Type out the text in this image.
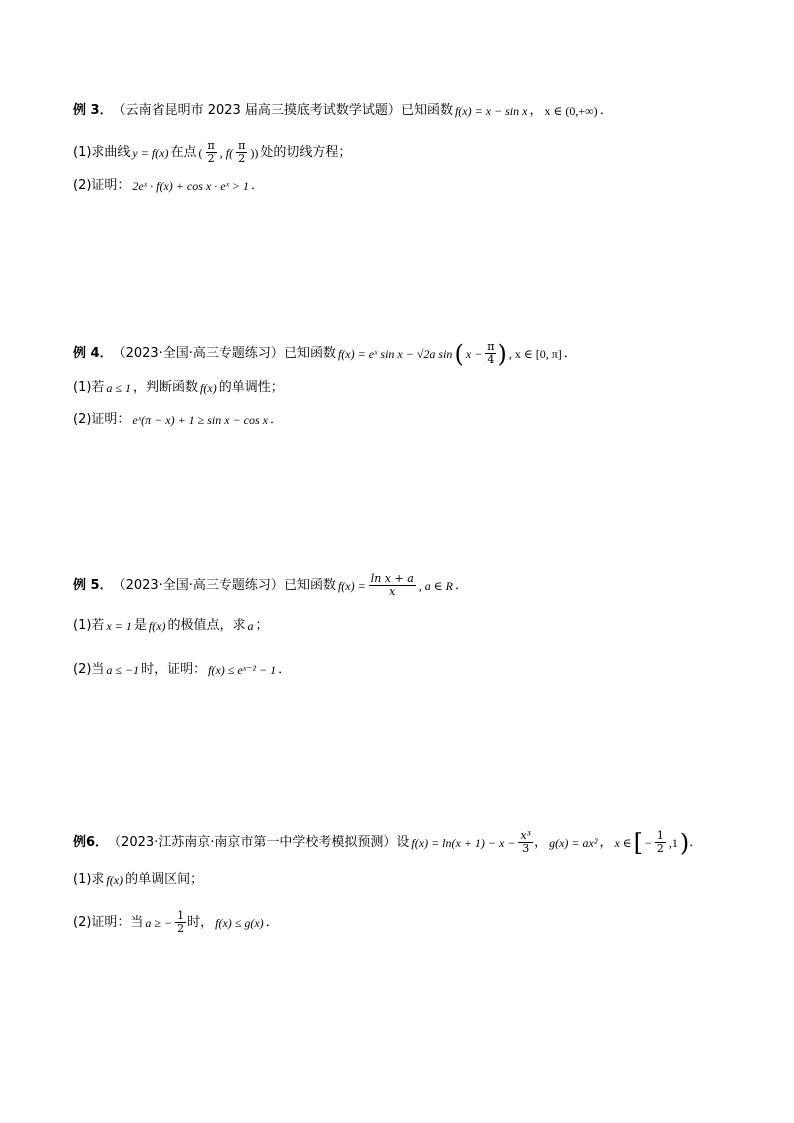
例 3． （云南省昆明市 2023 届高三摸底考试数学试题） 已知函数 f(x) = x − sin x ， x ∈ (0,+∞) ．
(1)求曲线 y = f(x) 在点 ( $\frac{\pi}{2}$ , $f( \frac{\pi}{2}$ )) 处的切线方程；
(2)证明： 2eˣ · f(x) + cos x · eˣ > 1 ．
例 4． （2023·全国·高三专题练习） 已知函数 f(x) = eˣ sin x − √2a sin ( $x - \frac{\pi}{4}$ ) , x ∈ [0, π] ．
(1)若 a ≤ 1 ，判断函数 f(x) 的单调性；
(2)证明： eˣ(π − x) + 1 ≥ sin x − cos x ．
例 5． （2023·全国·高三专题练习） 已知函数 $f(x) = \frac{\text{ln x + a}}{x}$ , a ∈ R ．
(1)若 x = 1 是 f(x) 的极值点，求 a ；
(2)当 a ≤ −1 时，证明： f(x) ≤ eˣ⁻² − 1 ．
例6． （2023·江苏南京·南京市第一中学校考模拟预测） 设 $f(x) = \ln(x + 1) - x - \frac{\text{x³}}{3}$ ， g(x) = ax² ， x ∈ [ − $\frac{1}{2} ,1$ ) ．
(1)求 f(x) 的单调区间；
(2)证明：当 a ≥ − $\frac{1}{2}$ 时， f(x) ≤ g(x) ．
